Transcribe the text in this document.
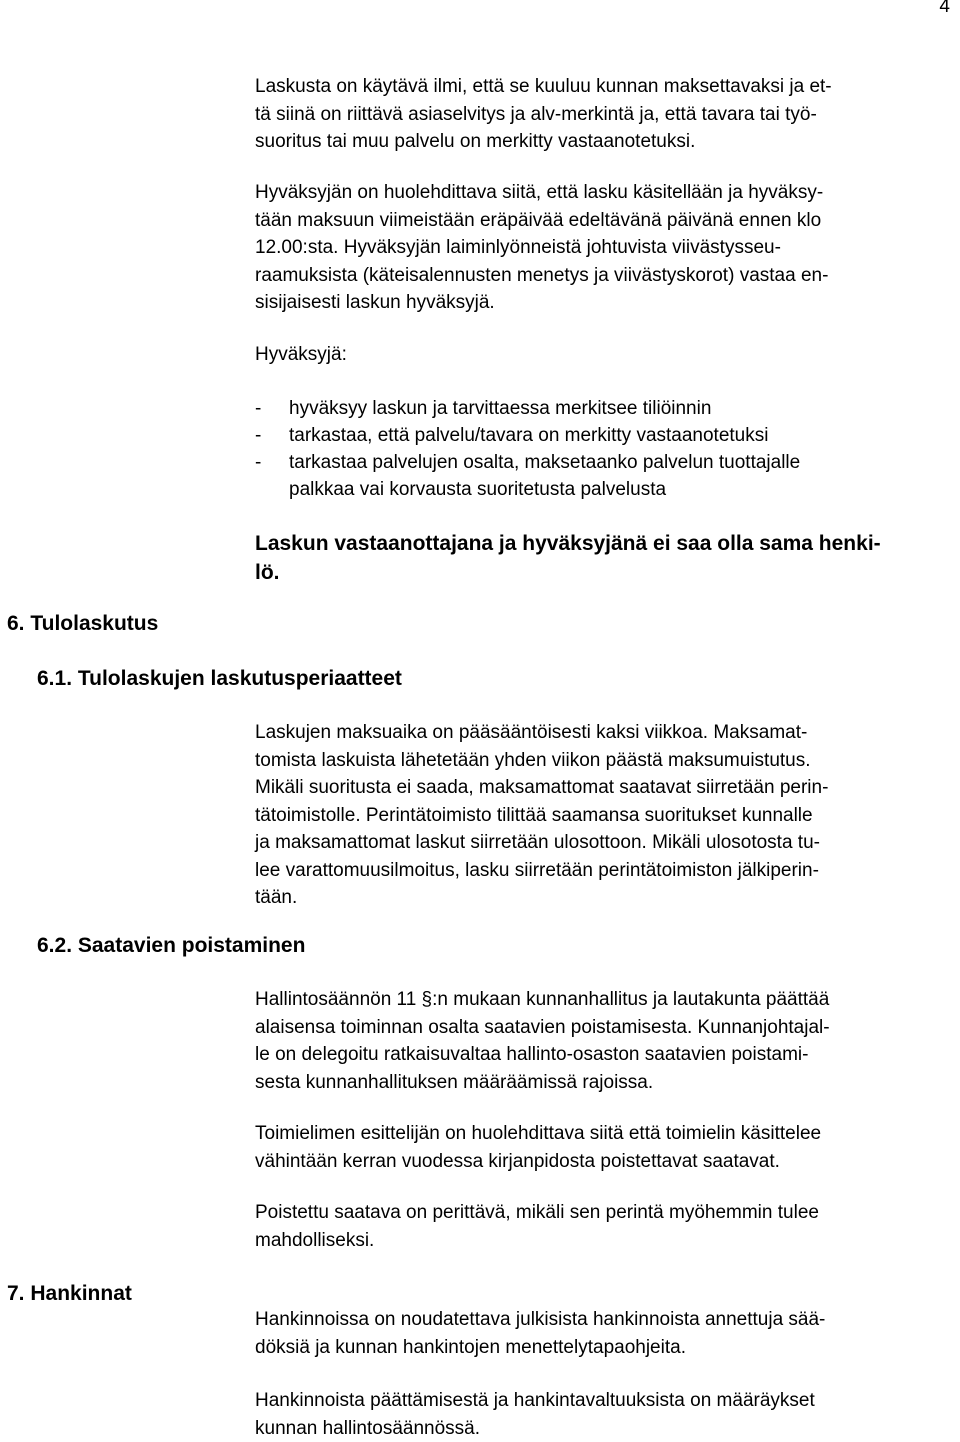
4

Laskusta on käytävä ilmi, että se kuuluu kunnan maksettavaksi ja et-
tä siinä on riittävä asiaselvitys ja alv-merkintä ja, että tavara tai työ-
suoritus tai muu palvelu on merkitty vastaanotetuksi.

Hyväksyjän on huolehdittava siitä, että lasku käsitellään ja hyväksy-
tään maksuun viimeistään eräpäivää edeltävänä päivänä ennen klo
12.00:sta. Hyväksyjän laiminlyönneistä johtuvista viivästysseu-
raamuksista (käteisalennusten menetys ja viivästyskorot) vastaa en-
sisijaisesti laskun hyväksyjä.

Hyväksyjä:

- hyväksyy laskun ja tarvittaessa merkitsee tiliöinnin
- tarkastaa, että palvelu/tavara on merkitty vastaanotetuksi
- tarkastaa palvelujen osalta, maksetaanko palvelun tuottajalle
palkkaa vai korvausta suoritetusta palvelusta

Laskun vastaanottajana ja hyväksyjänä ei saa olla sama henki-
lö.

6. Tulolaskutus
6.1. Tulolaskujen laskutusperiaatteet

Laskujen maksuaika on pääsääntöisesti kaksi viikkoa. Maksamat-
tomista laskuista lähetetään yhden viikon päästä maksumuistutus.
Mikäli suoritusta ei saada, maksamattomat saatavat siirretään perin-
tätoimistolle. Perintätoimisto tilittää saamansa suoritukset kunnalle
ja maksamattomat laskut siirretään ulosottoon. Mikäli ulosotosta tu-
lee varattomuusilmoitus, lasku siirretään perintätoimiston jälkiperin-
tään.

6.2. Saatavien poistaminen

Hallintosäännön 11 §:n mukaan kunnanhallitus ja lautakunta päättää
alaisensa toiminnan osalta saatavien poistamisesta. Kunnanjohtajal-
le on delegoitu ratkaisuvaltaa hallinto-osaston saatavien poistami-
sesta kunnanhallituksen määräämissä rajoissa.

Toimielimen esittelijän on huolehdittava siitä että toimielin käsittelee
vähintään kerran vuodessa kirjanpidosta poistettavat saatavat.

Poistettu saatava on perittävä, mikäli sen perintä myöhemmin tulee
mahdolliseksi.

7. Hankinnat

Hankinnoissa on noudatettava julkisista hankinnoista annettuja sää-
döksiä ja kunnan hankintojen menettelytapaohjeita.

Hankinnoista päättämisestä ja hankintavaltuuksista on määräykset
kunnan hallintosäännössä.
